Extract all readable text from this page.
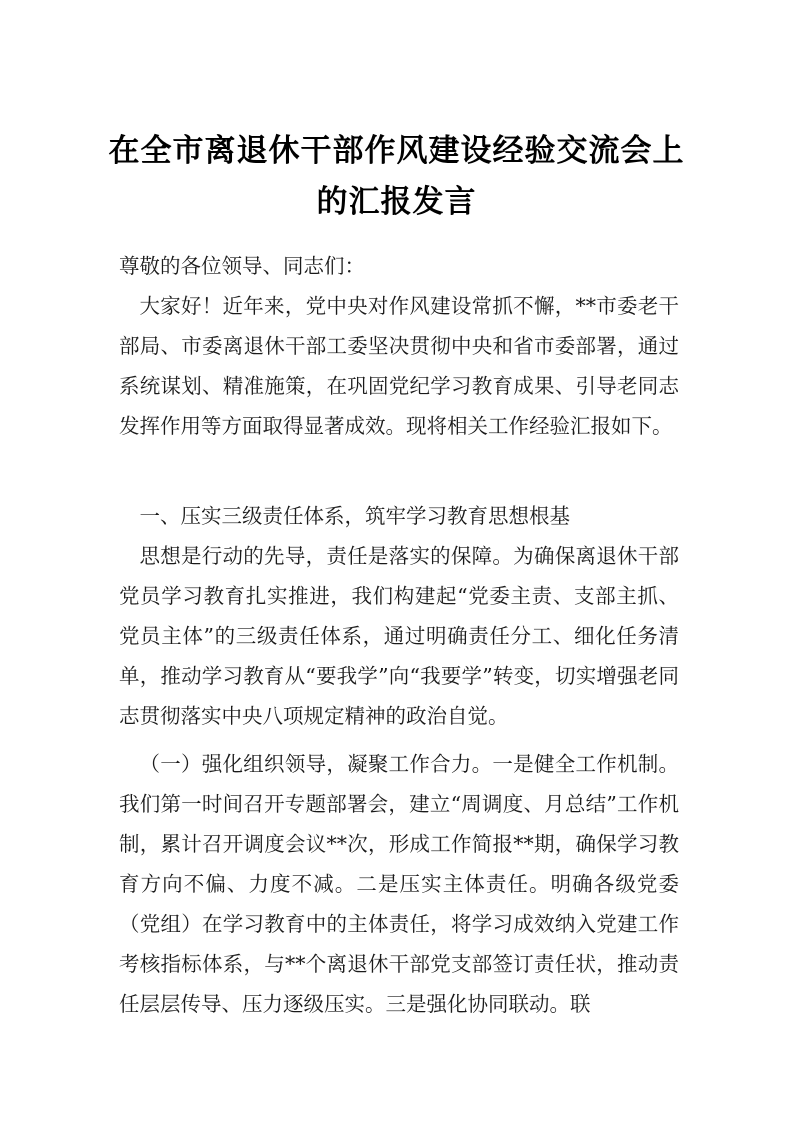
在全市离退休干部作风建设经验交流会上
的汇报发言

尊敬的各位领导、同志们：

大家好！近年来，党中央对作风建设常抓不懈，**市委老干部局、市委离退休干部工委坚决贯彻中央和省市委部署，通过系统谋划、精准施策，在巩固党纪学习教育成果、引导老同志发挥作用等方面取得显著成效。现将相关工作经验汇报如下。

一、压实三级责任体系，筑牢学习教育思想根基

思想是行动的先导，责任是落实的保障。为确保离退休干部党员学习教育扎实推进，我们构建起“党委主责、支部主抓、党员主体”的三级责任体系，通过明确责任分工、细化任务清单，推动学习教育从“要我学”向“我要学”转变，切实增强老同志贯彻落实中央八项规定精神的政治自觉。

（一）强化组织领导，凝聚工作合力。一是健全工作机制。我们第一时间召开专题部署会，建立“周调度、月总结”工作机制，累计召开调度会议**次，形成工作简报**期，确保学习教育方向不偏、力度不减。二是压实主体责任。明确各级党委（党组）在学习教育中的主体责任，将学习成效纳入党建工作考核指标体系，与**个离退休干部党支部签订责任状，推动责任层层传导、压力逐级压实。三是强化协同联动。联
